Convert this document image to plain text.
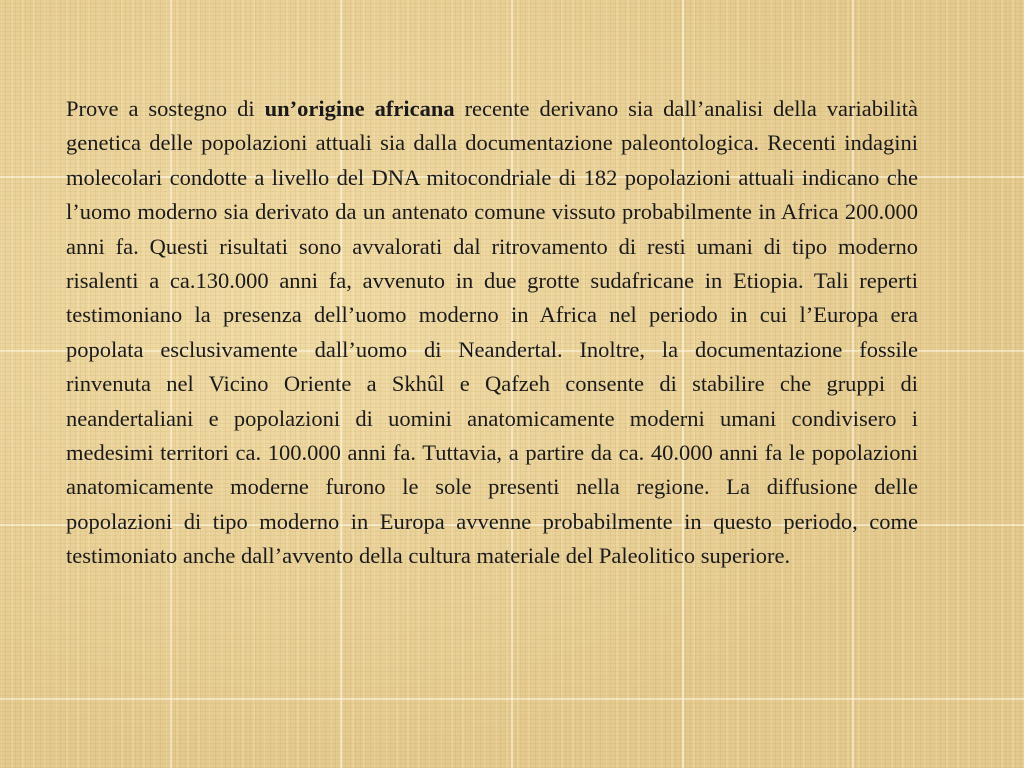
Prove a sostegno di un’origine africana recente derivano sia dall’analisi della variabilità genetica delle popolazioni attuali sia dalla documentazione paleontologica. Recenti indagini molecolari condotte a livello del DNA mitocondriale di 182 popolazioni attuali indicano che l’uomo moderno sia derivato da un antenato comune vissuto probabilmente in Africa 200.000 anni fa. Questi risultati sono avvalorati dal ritrovamento di resti umani di tipo moderno risalenti a ca.130.000 anni fa, avvenuto in due grotte sudafricane in Etiopia. Tali reperti testimoniano la presenza dell’uomo moderno in Africa nel periodo in cui l’Europa era popolata esclusivamente dall’uomo di Neandertal. Inoltre, la documentazione fossile rinvenuta nel Vicino Oriente a Skhûl e Qafzeh consente di stabilire che gruppi di neandertaliani e popolazioni di uomini anatomicamente moderni umani condivisero i medesimi territori ca. 100.000 anni fa. Tuttavia, a partire da ca. 40.000 anni fa le popolazioni anatomicamente moderne furono le sole presenti nella regione. La diffusione delle popolazioni di tipo moderno in Europa avvenne probabilmente in questo periodo, come testimoniato anche dall’avvento della cultura materiale del Paleolitico superiore.
